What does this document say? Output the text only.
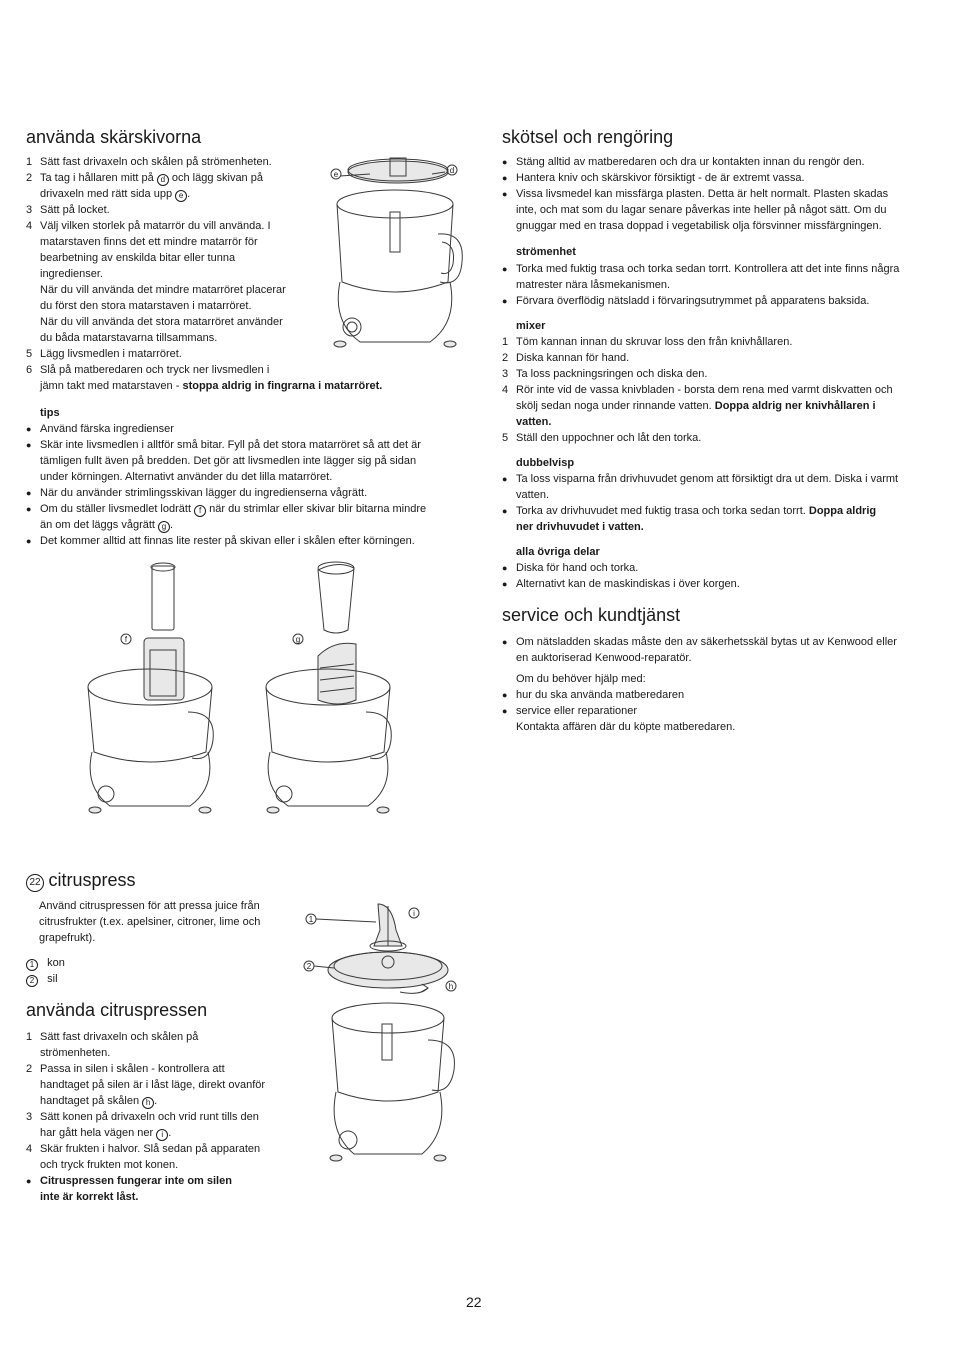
använda skärskivorna
1 Sätt fast drivaxeln och skålen på strömenheten.
2 Ta tag i hållaren mitt på d och lägg skivan på
drivaxeln med rätt sida upp e .
3 Sätt på locket.
4 Välj vilken storlek på matarrör du vill använda. I
matarstaven finns det ett mindre matarrör för
bearbetning av enskilda bitar eller tunna
ingredienser.
När du vill använda det mindre matarröret placerar
du först den stora matarstaven i matarröret.
När du vill använda det stora matarröret använder
du båda matarstavarna tillsammans.
5 Lägg livsmedlen i matarröret.
6 Slå på matberedaren och tryck ner livsmedlen i
jämn takt med matarstaven - stoppa aldrig in fingrarna i matarröret.
tips
● Använd färska ingredienser
● Skär inte livsmedlen i alltför små bitar. Fyll på det stora matarröret så att det är
tämligen fullt även på bredden. Det gör att livsmedlen inte lägger sig på sidan
under körningen. Alternativt använder du det lilla matarröret.
● När du använder strimlingsskivan lägger du ingredienserna vågrätt.
● Om du ställer livsmedlet lodrätt f när du strimlar eller skivar blir bitarna mindre
än om det läggs vågrätt g .
● Det kommer alltid att finnas lite rester på skivan eller i skålen efter körningen.
e	d
f	g
22 citruspress
Använd citruspressen för att pressa juice från
citrusfrukter (t.ex. apelsiner, citroner, lime och
grapefrukt).
1 kon
2 sil
använda citruspressen
1 Sätt fast drivaxeln och skålen på
strömenheten.
2 Passa in silen i skålen - kontrollera att
handtaget på silen är i låst läge, direkt ovanför
handtaget på skålen h .
3 Sätt konen på drivaxeln och vrid runt tills den
har gått hela vägen ner i .
4 Skär frukten i halvor. Slå sedan på apparaten
och tryck frukten mot konen.
● Citruspressen fungerar inte om silen
inte är korrekt låst.
1
2
i
h
skötsel och rengöring
● Stäng alltid av matberedaren och dra ur kontakten innan du rengör den.
● Hantera kniv och skärskivor försiktigt - de är extremt vassa.
● Vissa livsmedel kan missfärga plasten. Detta är helt normalt. Plasten skadas
inte, och mat som du lagar senare påverkas inte heller på något sätt. Om du
gnuggar med en trasa doppad i vegetabilisk olja försvinner missfärgningen.
strömenhet
● Torka med fuktig trasa och torka sedan torrt. Kontrollera att det inte finns några
matrester nära låsmekanismen.
● Förvara överflödig nätsladd i förvaringsutrymmet på apparatens baksida.
mixer
1 Töm kannan innan du skruvar loss den från knivhållaren.
2 Diska kannan för hand.
3 Ta loss packningsringen och diska den.
4 Rör inte vid de vassa knivbladen - borsta dem rena med varmt diskvatten och
skölj sedan noga under rinnande vatten. Doppa aldrig ner knivhållaren i
vatten.
5 Ställ den uppochner och låt den torka.
dubbelvisp
● Ta loss visparna från drivhuvudet genom att försiktigt dra ut dem. Diska i varmt
vatten.
● Torka av drivhuvudet med fuktig trasa och torka sedan torrt. Doppa aldrig
ner drivhuvudet i vatten.
alla övriga delar
● Diska för hand och torka.
● Alternativt kan de maskindiskas i över korgen.
service och kundtjänst
● Om nätsladden skadas måste den av säkerhetsskäl bytas ut av Kenwood eller
en auktoriserad Kenwood-reparatör.
Om du behöver hjälp med:
● hur du ska använda matberedaren
● service eller reparationer
Kontakta affären där du köpte matberedaren.
22
